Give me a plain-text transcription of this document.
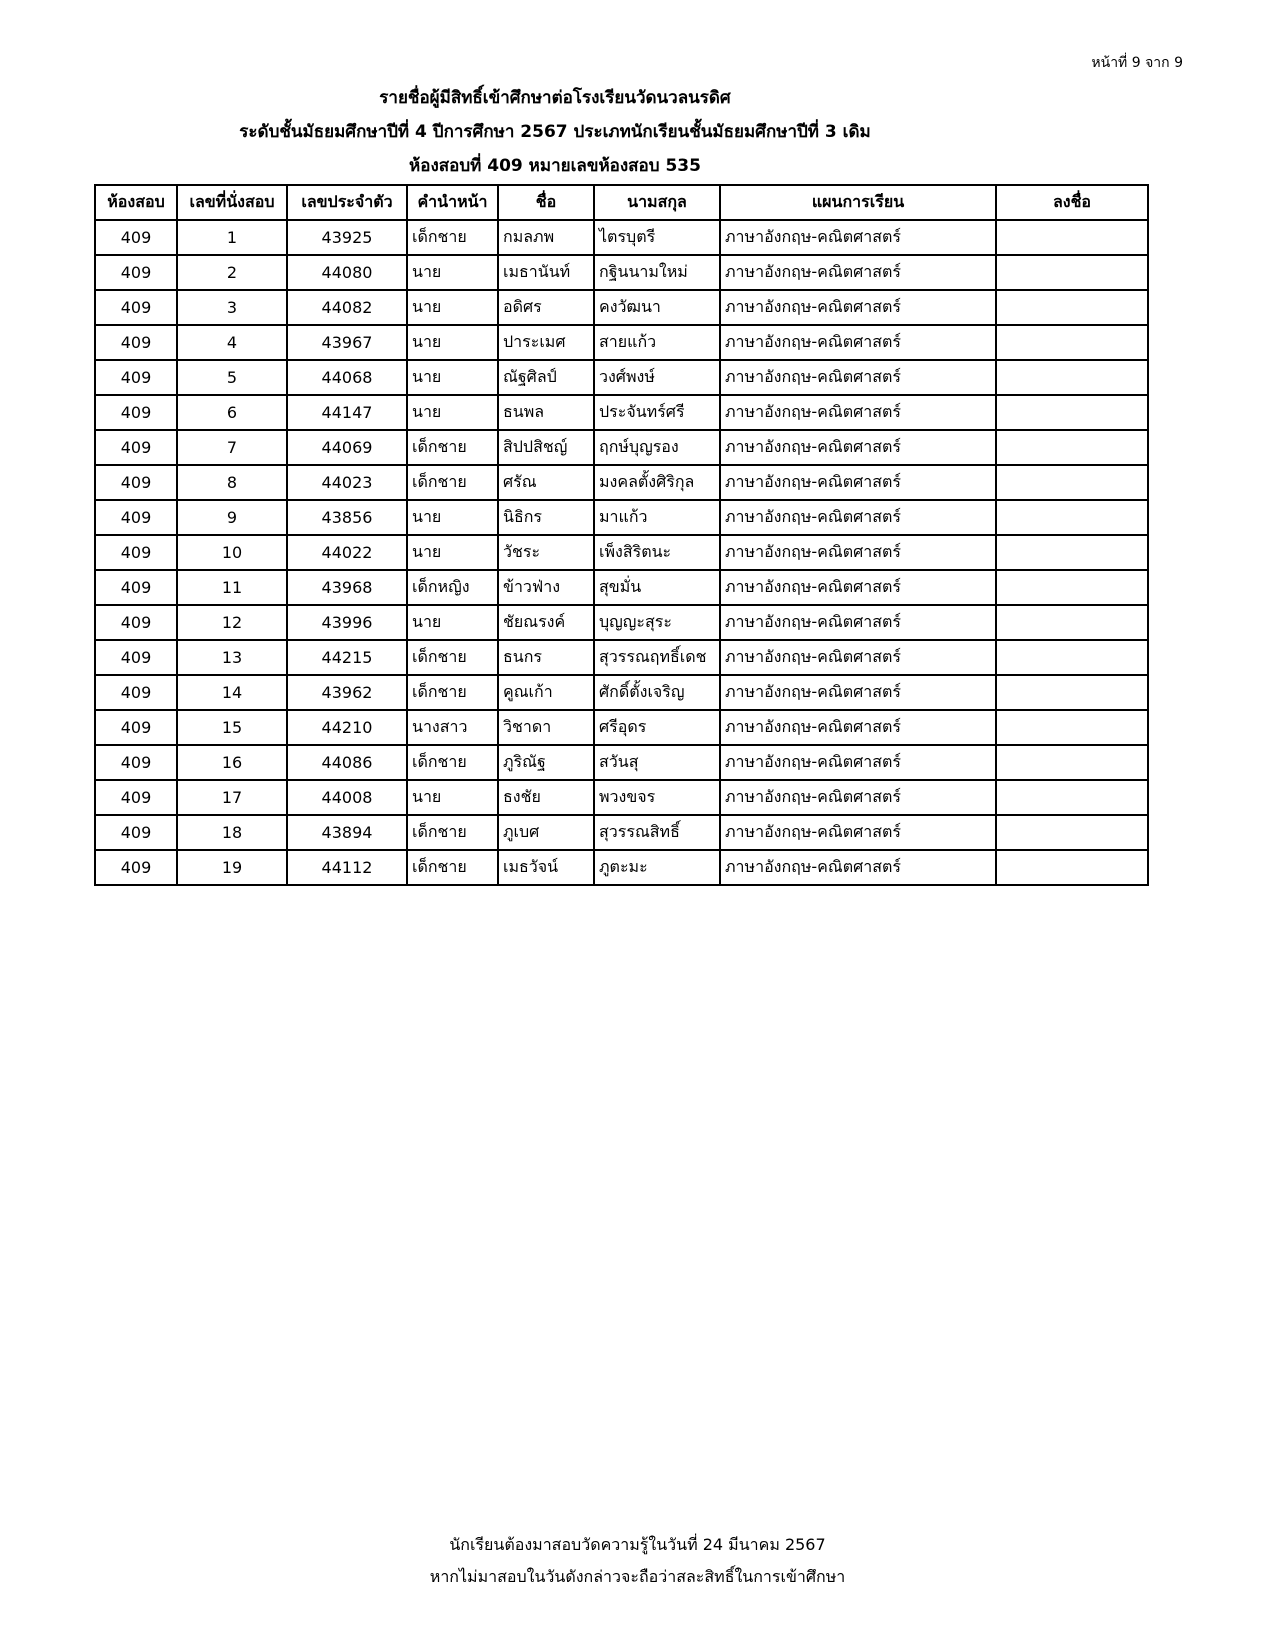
หน้าที่ 9 จาก 9
รายชื่อผู้มีสิทธิ์เข้าศึกษาต่อโรงเรียนวัดนวลนรดิศ
ระดับชั้นมัธยมศึกษาปีที่ 4 ปีการศึกษา 2567 ประเภทนักเรียนชั้นมัธยมศึกษาปีที่ 3 เดิม
ห้องสอบที่ 409 หมายเลขห้องสอบ 535
ห้องสอบ	เลขที่นั่งสอบ	เลขประจำตัว	คำนำหน้า	ชื่อ	นามสกุล	แผนการเรียน	ลงชื่อ
409	1	43925	เด็กชาย	กมลภพ	ไตรบุตรี	ภาษาอังกฤษ-คณิตศาสตร์	
409	2	44080	นาย	เมธานันท์	กฐินนามใหม่	ภาษาอังกฤษ-คณิตศาสตร์	
409	3	44082	นาย	อดิศร	คงวัฒนา	ภาษาอังกฤษ-คณิตศาสตร์	
409	4	43967	นาย	ปาระเมศ	สายแก้ว	ภาษาอังกฤษ-คณิตศาสตร์	
409	5	44068	นาย	ณัฐศิลป์	วงศ์พงษ์	ภาษาอังกฤษ-คณิตศาสตร์	
409	6	44147	นาย	ธนพล	ประจันทร์ศรี	ภาษาอังกฤษ-คณิตศาสตร์	
409	7	44069	เด็กชาย	สิปปสิชญ์	ฤกษ์บุญรอง	ภาษาอังกฤษ-คณิตศาสตร์	
409	8	44023	เด็กชาย	ศรัณ	มงคลตั้งศิริกุล	ภาษาอังกฤษ-คณิตศาสตร์	
409	9	43856	นาย	นิธิกร	มาแก้ว	ภาษาอังกฤษ-คณิตศาสตร์	
409	10	44022	นาย	วัชระ	เพ็งสิริตนะ	ภาษาอังกฤษ-คณิตศาสตร์	
409	11	43968	เด็กหญิง	ข้าวฟ่าง	สุขมั่น	ภาษาอังกฤษ-คณิตศาสตร์	
409	12	43996	นาย	ชัยณรงค์	บุญญะสุระ	ภาษาอังกฤษ-คณิตศาสตร์	
409	13	44215	เด็กชาย	ธนกร	สุวรรณฤทธิ์เดช	ภาษาอังกฤษ-คณิตศาสตร์	
409	14	43962	เด็กชาย	คูณเก้า	ศักดิ์ตั้งเจริญ	ภาษาอังกฤษ-คณิตศาสตร์	
409	15	44210	นางสาว	วิชาดา	ศรีอุดร	ภาษาอังกฤษ-คณิตศาสตร์	
409	16	44086	เด็กชาย	ภูริณัฐ	สวันสุ	ภาษาอังกฤษ-คณิตศาสตร์	
409	17	44008	นาย	ธงชัย	พวงขจร	ภาษาอังกฤษ-คณิตศาสตร์	
409	18	43894	เด็กชาย	ภูเบศ	สุวรรณสิทธิ์	ภาษาอังกฤษ-คณิตศาสตร์	
409	19	44112	เด็กชาย	เมธวัจน์	ภูตะมะ	ภาษาอังกฤษ-คณิตศาสตร์	
นักเรียนต้องมาสอบวัดความรู้ในวันที่ 24 มีนาคม 2567
หากไม่มาสอบในวันดังกล่าวจะถือว่าสละสิทธิ์ในการเข้าศึกษา
